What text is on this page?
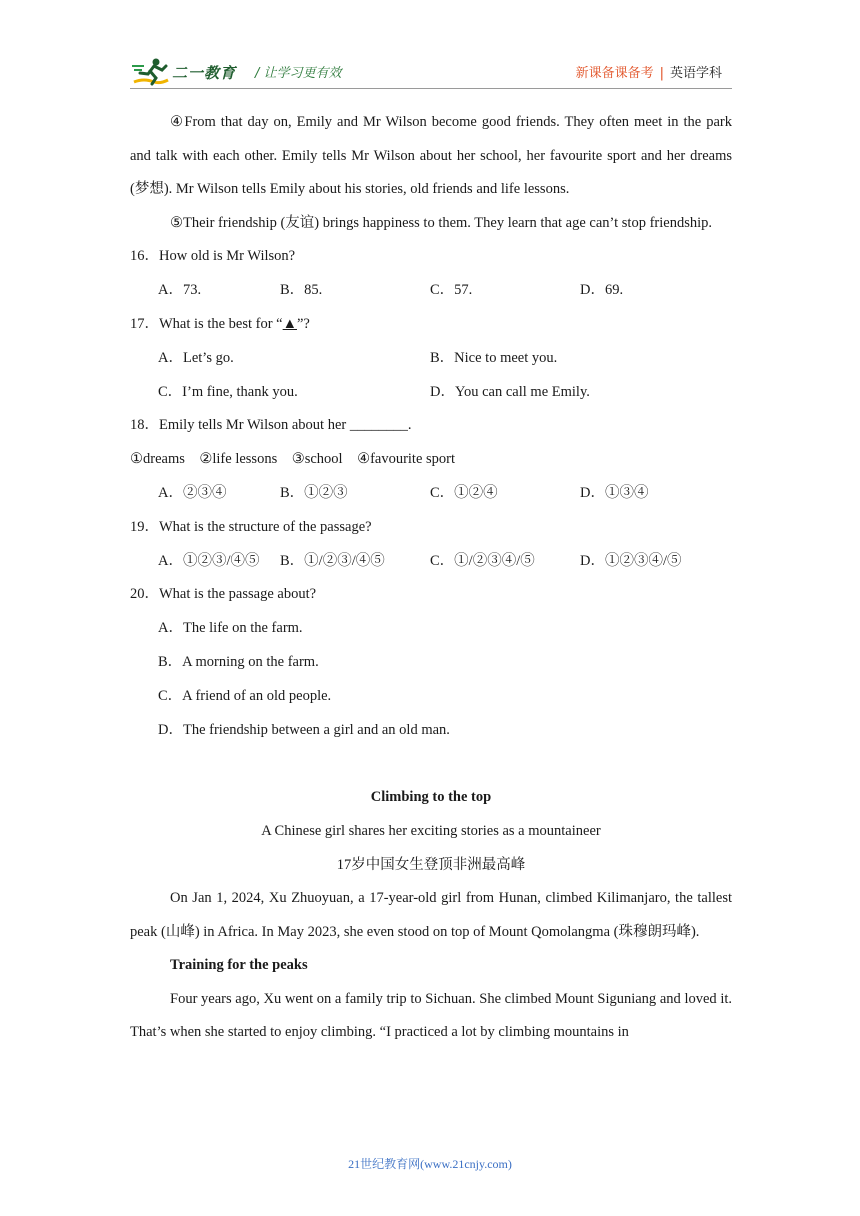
二一教育 / 让学习更有效	新课备课备考 | 英语学科

④From that day on, Emily and Mr Wilson become good friends. They often meet in the park and talk with each other. Emily tells Mr Wilson about her school, her favourite sport and her dreams (梦想). Mr Wilson tells Emily about his stories, old friends and life lessons.

⑤Their friendship (友谊) brings happiness to them. They learn that age can’t stop friendship.

16．How old is Mr Wilson?

A．73.	B．85.	C．57.	D．69.

17．What is the best for “▲”?

A．Let’s go.	B．Nice to meet you.
C．I’m fine, thank you.	D．You can call me Emily.

18．Emily tells Mr Wilson about her ________.

①dreams　②life lessons　③school　④favourite sport

A．②③④	B．①②③	C．①②④	D．①③④

19．What is the structure of the passage?

A．①②③/④⑤	B．①/②③/④⑤	C．①/②③④/⑤	D．①②③④/⑤

20．What is the passage about?

A．The life on the farm.

B．A morning on the farm.

C．A friend of an old people.

D．The friendship between a girl and an old man.

Climbing to the top

A Chinese girl shares her exciting stories as a mountaineer

17岁中国女生登顶非洲最高峰

On Jan 1, 2024, Xu Zhuoyuan, a 17-year-old girl from Hunan, climbed Kilimanjaro, the tallest peak (山峰) in Africa. In May 2023, she even stood on top of Mount Qomolangma (珠穆朗玛峰).

Training for the peaks

Four years ago, Xu went on a family trip to Sichuan. She climbed Mount Siguniang and loved it. That’s when she started to enjoy climbing. “I practiced a lot by climbing mountains in

21世纪教育网(www.21cnjy.com)
